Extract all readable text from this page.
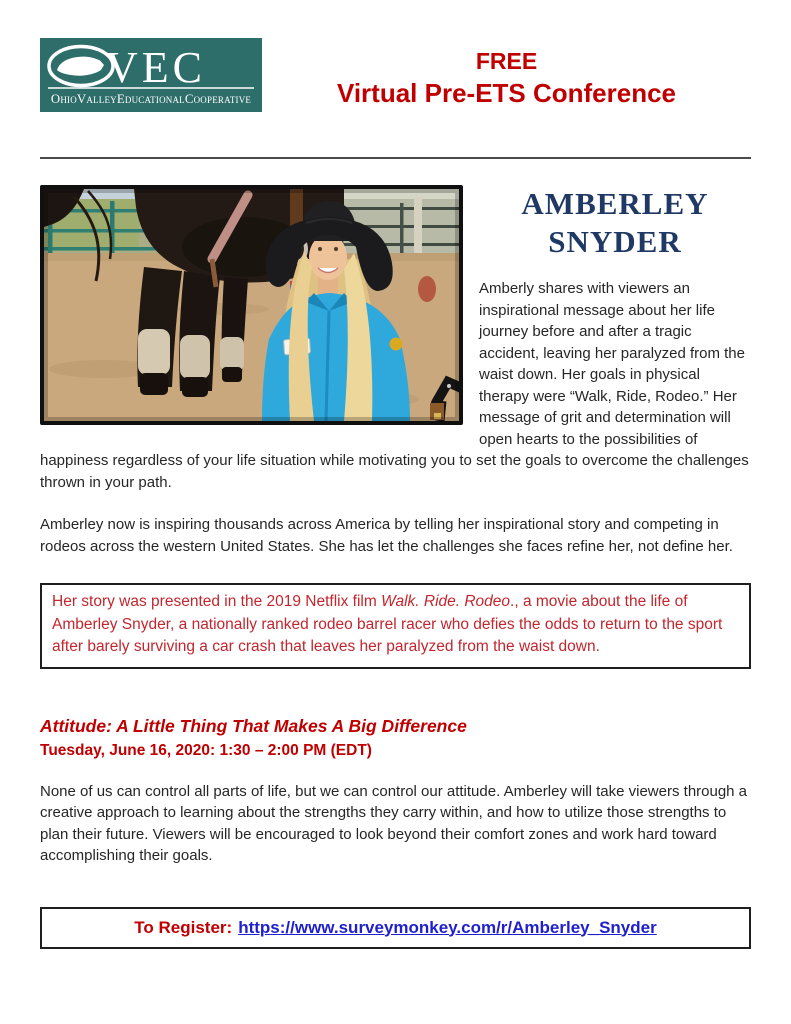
VEC
OhioValleyEducationalCooperative
FREE
Virtual Pre-ETS Conference
AMBERLEY
SNYDER

Amberly shares with viewers an inspirational message about her life journey before and after a tragic accident, leaving her paralyzed from the waist down. Her goals in physical therapy were “Walk, Ride, Rodeo.” Her message of grit and determination will open hearts to the possibilities of happiness regardless of your life situation while motivating you to set the goals to overcome the challenges thrown in your path.

Amberley now is inspiring thousands across America by telling her inspirational story and competing in rodeos across the western United States. She has let the challenges she faces refine her, not define her.

Her story was presented in the 2019 Netflix film Walk. Ride. Rodeo., a movie about the life of Amberley Snyder, a nationally ranked rodeo barrel racer who defies the odds to return to the sport after barely surviving a car crash that leaves her paralyzed from the waist down.
Attitude: A Little Thing That Makes A Big Difference
Tuesday, June 16, 2020: 1:30 – 2:00 PM (EDT)

None of us can control all parts of life, but we can control our attitude. Amberley will take viewers through a creative approach to learning about the strengths they carry within, and how to utilize those strengths to plan their future. Viewers will be encouraged to look beyond their comfort zones and work hard toward accomplishing their goals.

To Register: https://www.surveymonkey.com/r/Amberley_Snyder
